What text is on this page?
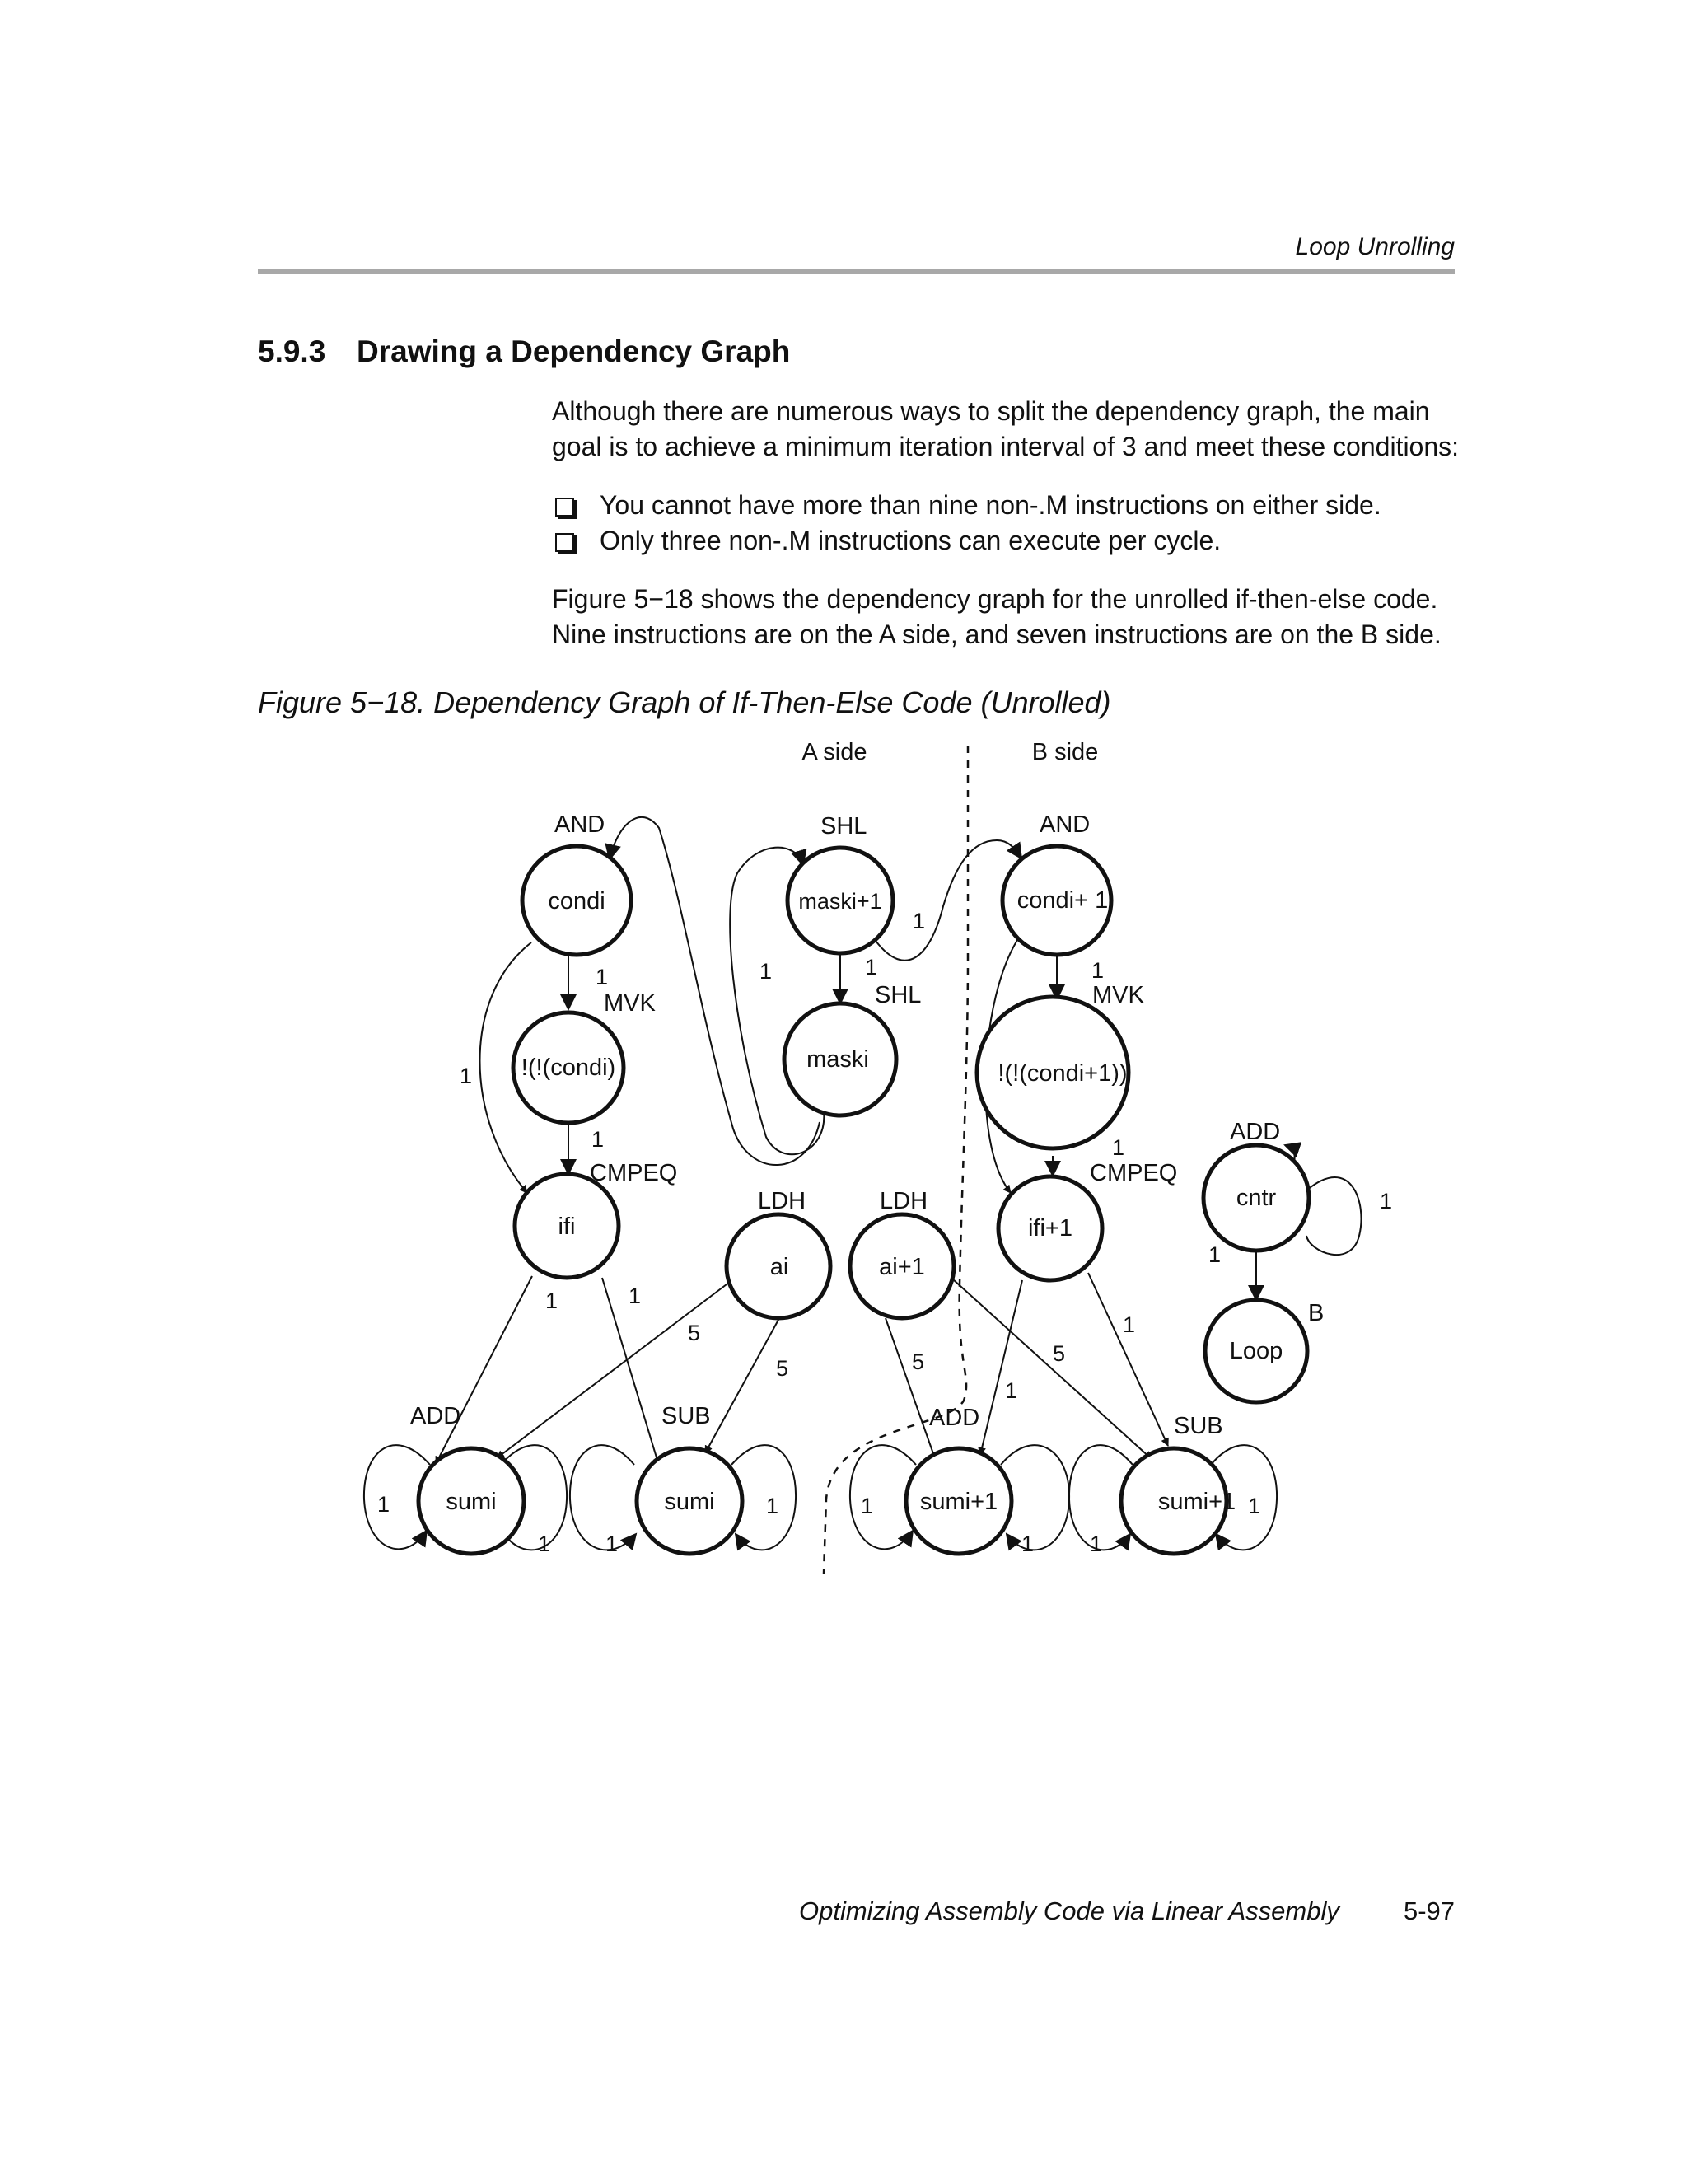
Loop Unrolling
5.9.3 Drawing a Dependency Graph
Although there are numerous ways to split the dependency graph, the main goal is to achieve a minimum iteration interval of 3 and meet these conditions:
You cannot have more than nine non-.M instructions on either side.
Only three non-.M instructions can execute per cycle.
Figure 5−18 shows the dependency graph for the unrolled if-then-else code. Nine instructions are on the A side, and seven instructions are on the B side.
Figure 5−18. Dependency Graph of If-Then-Else Code (Unrolled)
A side	B side
condi
!(!(condi)
ifi
maski+1
maski
ai	ai+1
condi+ 1
!(!(condi+1))
ifi+1
cntr
Loop
sumi	sumi	sumi+1	sumi+1
AND
MVK
CMPEQ
SHL
SHL
LDH	LDH
AND
MVK
CMPEQ
ADD
B
ADD	SUB	ADD	SUB
1
1
1
1	1
1
1
1
1
1
1	1
5
5	5	5
1
1
1
1 1
1	1
1	1
1
Optimizing Assembly Code via Linear Assembly	5-97
